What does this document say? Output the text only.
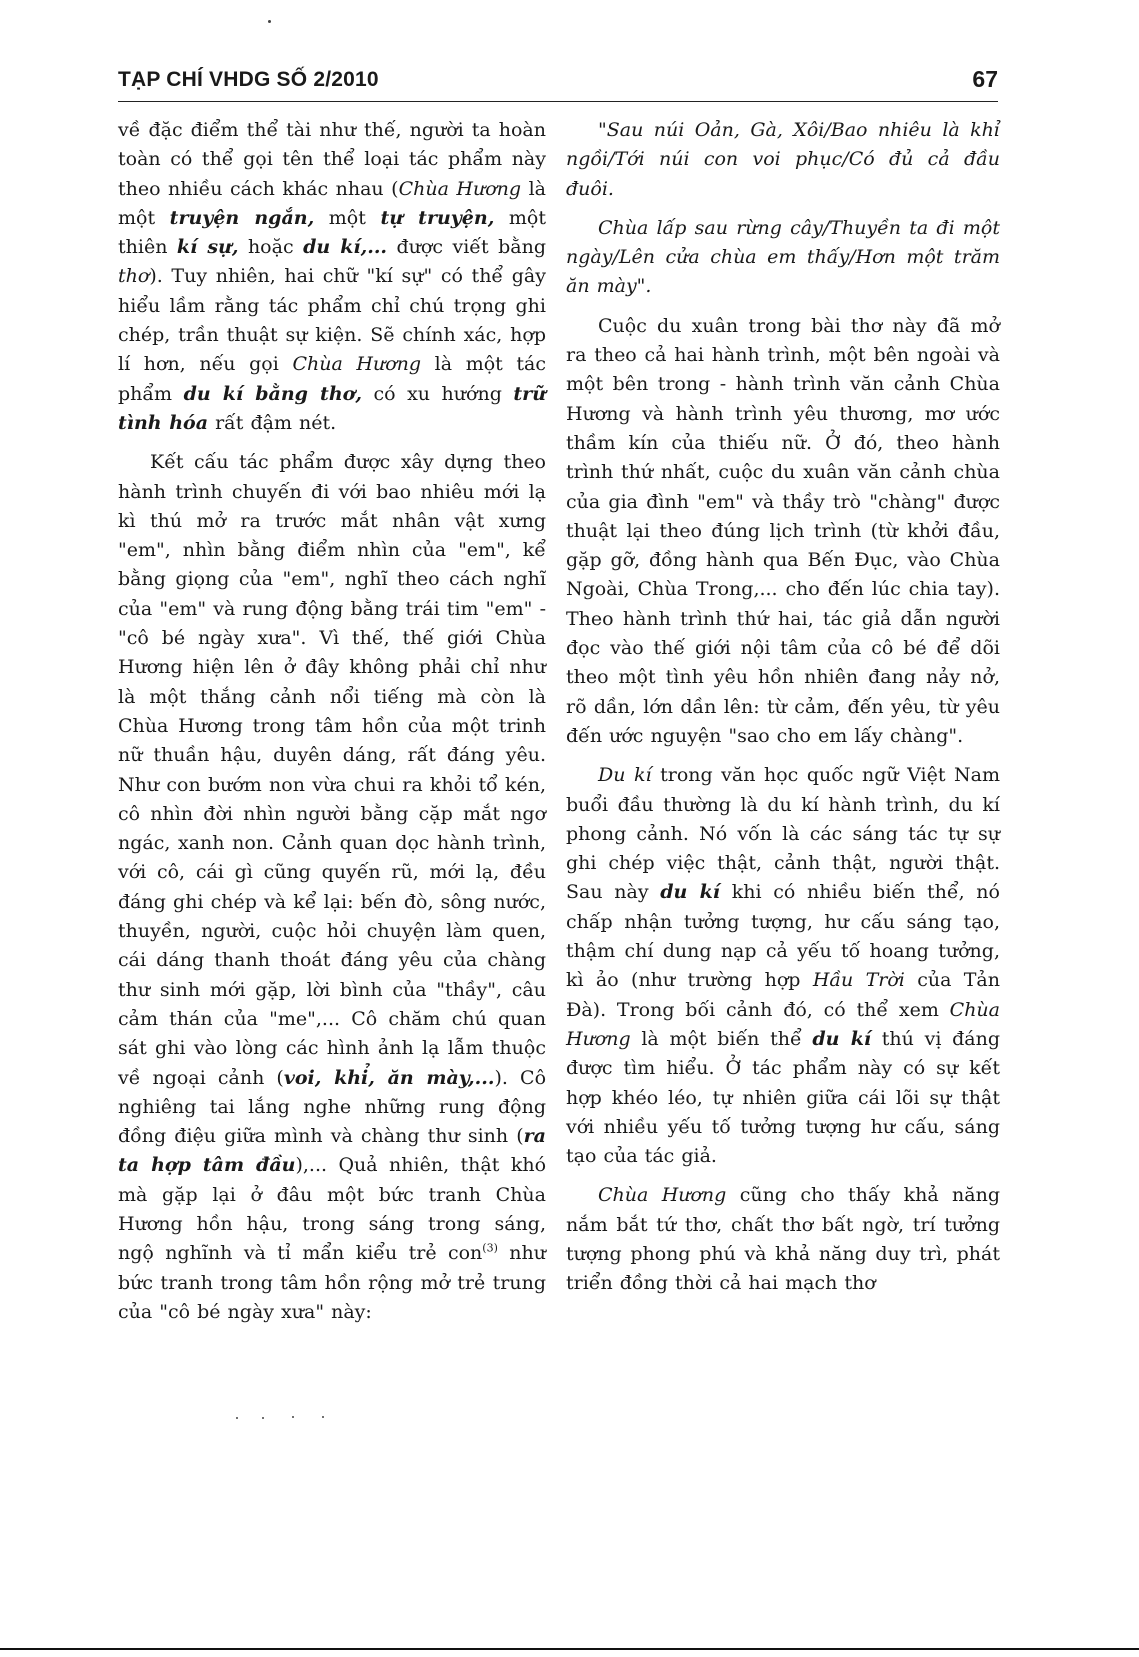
TẠP CHÍ VHDG SỐ 2/2010	67

về đặc điểm thể tài như thế, người ta hoàn toàn có thể gọi tên thể loại tác phẩm này theo nhiều cách khác nhau (Chùa Hương là một truyện ngắn, một tự truyện, một thiên kí sự, hoặc du kí,... được viết bằng thơ). Tuy nhiên, hai chữ "kí sự" có thể gây hiểu lầm rằng tác phẩm chỉ chú trọng ghi chép, trần thuật sự kiện. Sẽ chính xác, hợp lí hơn, nếu gọi Chùa Hương là một tác phẩm du kí bằng thơ, có xu hướng trữ tình hóa rất đậm nét.

Kết cấu tác phẩm được xây dựng theo hành trình chuyến đi với bao nhiêu mới lạ kì thú mở ra trước mắt nhân vật xưng "em", nhìn bằng điểm nhìn của "em", kể bằng giọng của "em", nghĩ theo cách nghĩ của "em" và rung động bằng trái tim "em" - "cô bé ngày xưa". Vì thế, thế giới Chùa Hương hiện lên ở đây không phải chỉ như là một thắng cảnh nổi tiếng mà còn là Chùa Hương trong tâm hồn của một trinh nữ thuần hậu, duyên dáng, rất đáng yêu. Như con bướm non vừa chui ra khỏi tổ kén, cô nhìn đời nhìn người bằng cặp mắt ngơ ngác, xanh non. Cảnh quan dọc hành trình, với cô, cái gì cũng quyến rũ, mới lạ, đều đáng ghi chép và kể lại: bến đò, sông nước, thuyền, người, cuộc hỏi chuyện làm quen, cái dáng thanh thoát đáng yêu của chàng thư sinh mới gặp, lời bình của "thầy", câu cảm thán của "me",... Cô chăm chú quan sát ghi vào lòng các hình ảnh lạ lẫm thuộc về ngoại cảnh (voi, khỉ, ăn mày,...). Cô nghiêng tai lắng nghe những rung động đồng điệu giữa mình và chàng thư sinh (ra ta hợp tâm đầu),... Quả nhiên, thật khó mà gặp lại ở đâu một bức tranh Chùa Hương hồn hậu, trong sáng trong sáng, ngộ nghĩnh và tỉ mẩn kiểu trẻ con$^{(3)}$ như bức tranh trong tâm hồn rộng mở trẻ trung của "cô bé ngày xưa" này:

"Sau núi Oản, Gà, Xôi/Bao nhiêu là khỉ ngồi/Tới núi con voi phục/Có đủ cả đầu đuôi.

Chùa lấp sau rừng cây/Thuyền ta đi một ngày/Lên cửa chùa em thấy/Hơn một trăm ăn mày".

Cuộc du xuân trong bài thơ này đã mở ra theo cả hai hành trình, một bên ngoài và một bên trong - hành trình văn cảnh Chùa Hương và hành trình yêu thương, mơ ước thầm kín của thiếu nữ. Ở đó, theo hành trình thứ nhất, cuộc du xuân văn cảnh chùa của gia đình "em" và thầy trò "chàng" được thuật lại theo đúng lịch trình (từ khởi đầu, gặp gỡ, đồng hành qua Bến Đục, vào Chùa Ngoài, Chùa Trong,... cho đến lúc chia tay). Theo hành trình thứ hai, tác giả dẫn người đọc vào thế giới nội tâm của cô bé để dõi theo một tình yêu hồn nhiên đang nảy nở, rõ dần, lớn dần lên: từ cảm, đến yêu, từ yêu đến ước nguyện "sao cho em lấy chàng".

Du kí trong văn học quốc ngữ Việt Nam buổi đầu thường là du kí hành trình, du kí phong cảnh. Nó vốn là các sáng tác tự sự ghi chép việc thật, cảnh thật, người thật. Sau này du kí khi có nhiều biến thể, nó chấp nhận tưởng tượng, hư cấu sáng tạo, thậm chí dung nạp cả yếu tố hoang tưởng, kì ảo (như trường hợp Hầu Trời của Tản Đà). Trong bối cảnh đó, có thể xem Chùa Hương là một biến thể du kí thú vị đáng được tìm hiểu. Ở tác phẩm này có sự kết hợp khéo léo, tự nhiên giữa cái lõi sự thật với nhiều yếu tố tưởng tượng hư cấu, sáng tạo của tác giả.

Chùa Hương cũng cho thấy khả năng nắm bắt tứ thơ, chất thơ bất ngờ, trí tưởng tượng phong phú và khả năng duy trì, phát triển đồng thời cả hai mạch thơ
